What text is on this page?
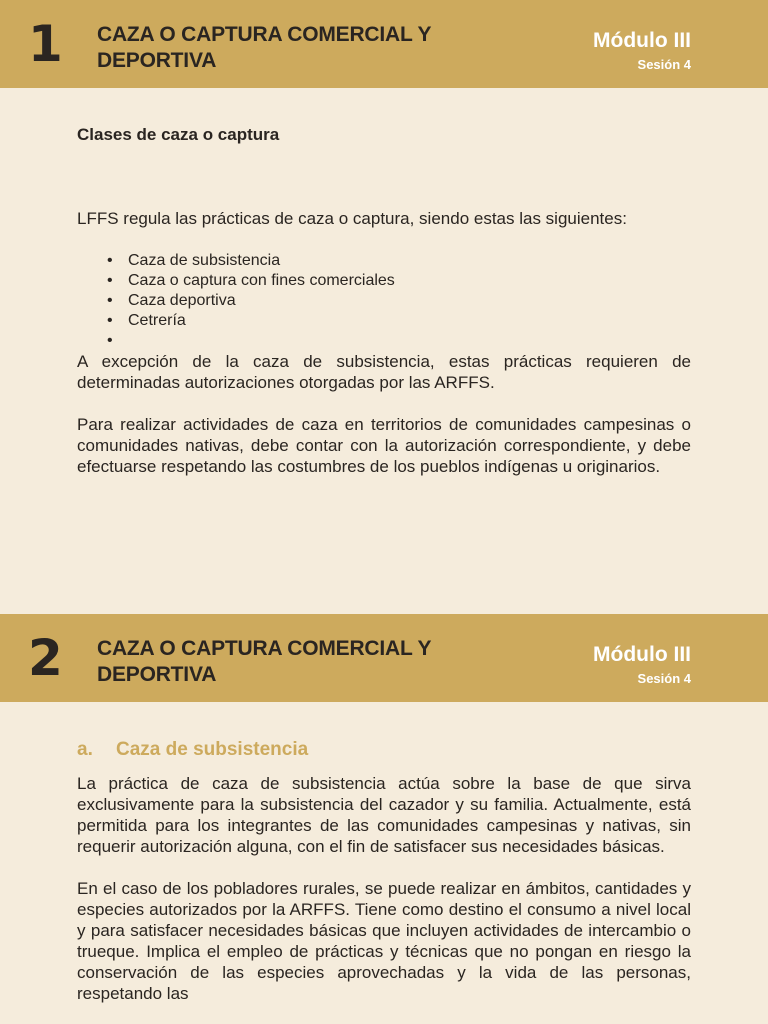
1 CAZA O CAPTURA COMERCIAL Y DEPORTIVA
Módulo III
Sesión 4
Clases de caza o captura

LFFS regula las prácticas de caza o captura, siendo estas las siguientes:

• Caza de subsistencia
• Caza o captura con fines comerciales
• Caza deportiva
• Cetrería
•

A excepción de la caza de subsistencia, estas prácticas requieren de determinadas autorizaciones otorgadas por las ARFFS.

Para realizar actividades de caza en territorios de comunidades campesinas o comunidades nativas, debe contar con la autorización correspondiente, y debe efectuarse respetando las costumbres de los pueblos indígenas u originarios.

2 CAZA O CAPTURA COMERCIAL Y DEPORTIVA
Módulo III
Sesión 4
a. Caza de subsistencia

La práctica de caza de subsistencia actúa sobre la base de que sirva exclusivamente para la subsistencia del cazador y su familia. Actualmente, está permitida para los integrantes de las comunidades campesinas y nativas, sin requerir autorización alguna, con el fin de satisfacer sus necesidades básicas.

En el caso de los pobladores rurales, se puede realizar en ámbitos, cantidades y especies autorizados por la ARFFS. Tiene como destino el consumo a nivel local y para satisfacer necesidades básicas que incluyen actividades de intercambio o trueque. Implica el empleo de prácticas y técnicas que no pongan en riesgo la conservación de las especies aprovechadas y la vida de las personas, respetando las
